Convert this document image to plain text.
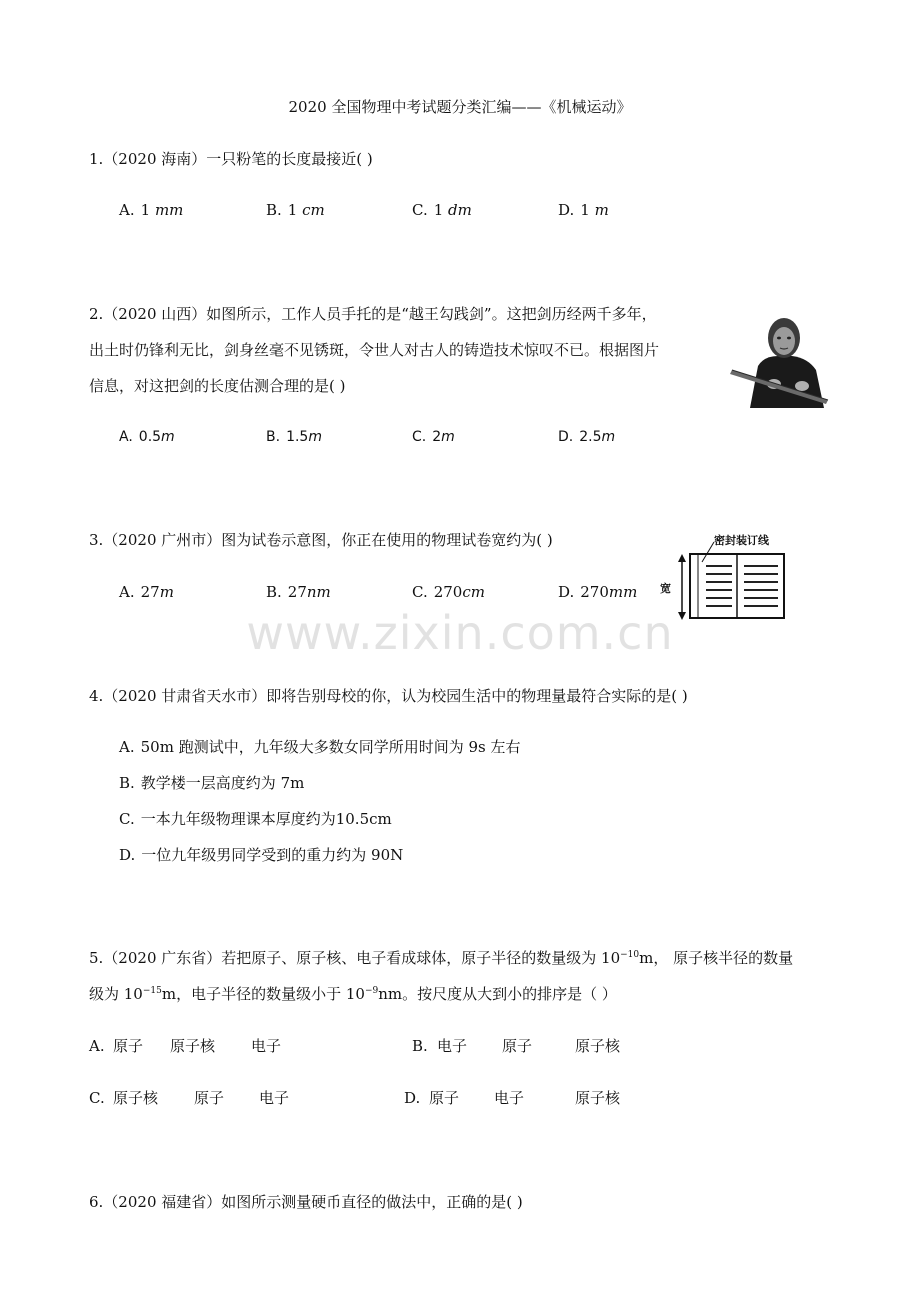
2020 全国物理中考试题分类汇编——《机械运动》
1.（2020 海南）一只粉笔的长度最接近( )
A. 1 mm	B. 1 cm	C. 1 dm	D. 1 m
2.（2020 山西）如图所示，工作人员手托的是“越王勾践剑”。这把剑历经两千多年，
出土时仍锋利无比，剑身丝毫不见锈斑，令世人对古人的铸造技术惊叹不已。根据图片
信息，对这把剑的长度估测合理的是( )
A. 0.5m	B. 1.5m	C. 2m	D. 2.5m
3.（2020 广州市）图为试卷示意图，你正在使用的物理试卷宽约为( )	密封装订线
宽
A. 27m	B. 27nm	C. 270cm	D. 270mm
www.zixin.com.cn
4.（2020 甘肃省天水市）即将告别母校的你，认为校园生活中的物理量最符合实际的是( )
A. 50m 跑测试中，九年级大多数女同学所用时间为 9s 左右
B. 教学楼一层高度约为 7m
C. 一本九年级物理课本厚度约为10.5cm
D. 一位九年级男同学受到的重力约为 90N
5.（2020 广东省）若把原子、原子核、电子看成球体，原子半径的数量级为 $10^{-10}m$， 原子核半径的数量
级为 $10^{-15}m$，电子半径的数量级小于 $10^{-9}nm$。按尺度从大到小的排序是（ ）
A. 原子 原子核 电子	B. 电子 原子	原子核
C. 原子核 原子 电子	D. 原子 电子	原子核
6.（2020 福建省）如图所示测量硬币直径的做法中，正确的是( )
